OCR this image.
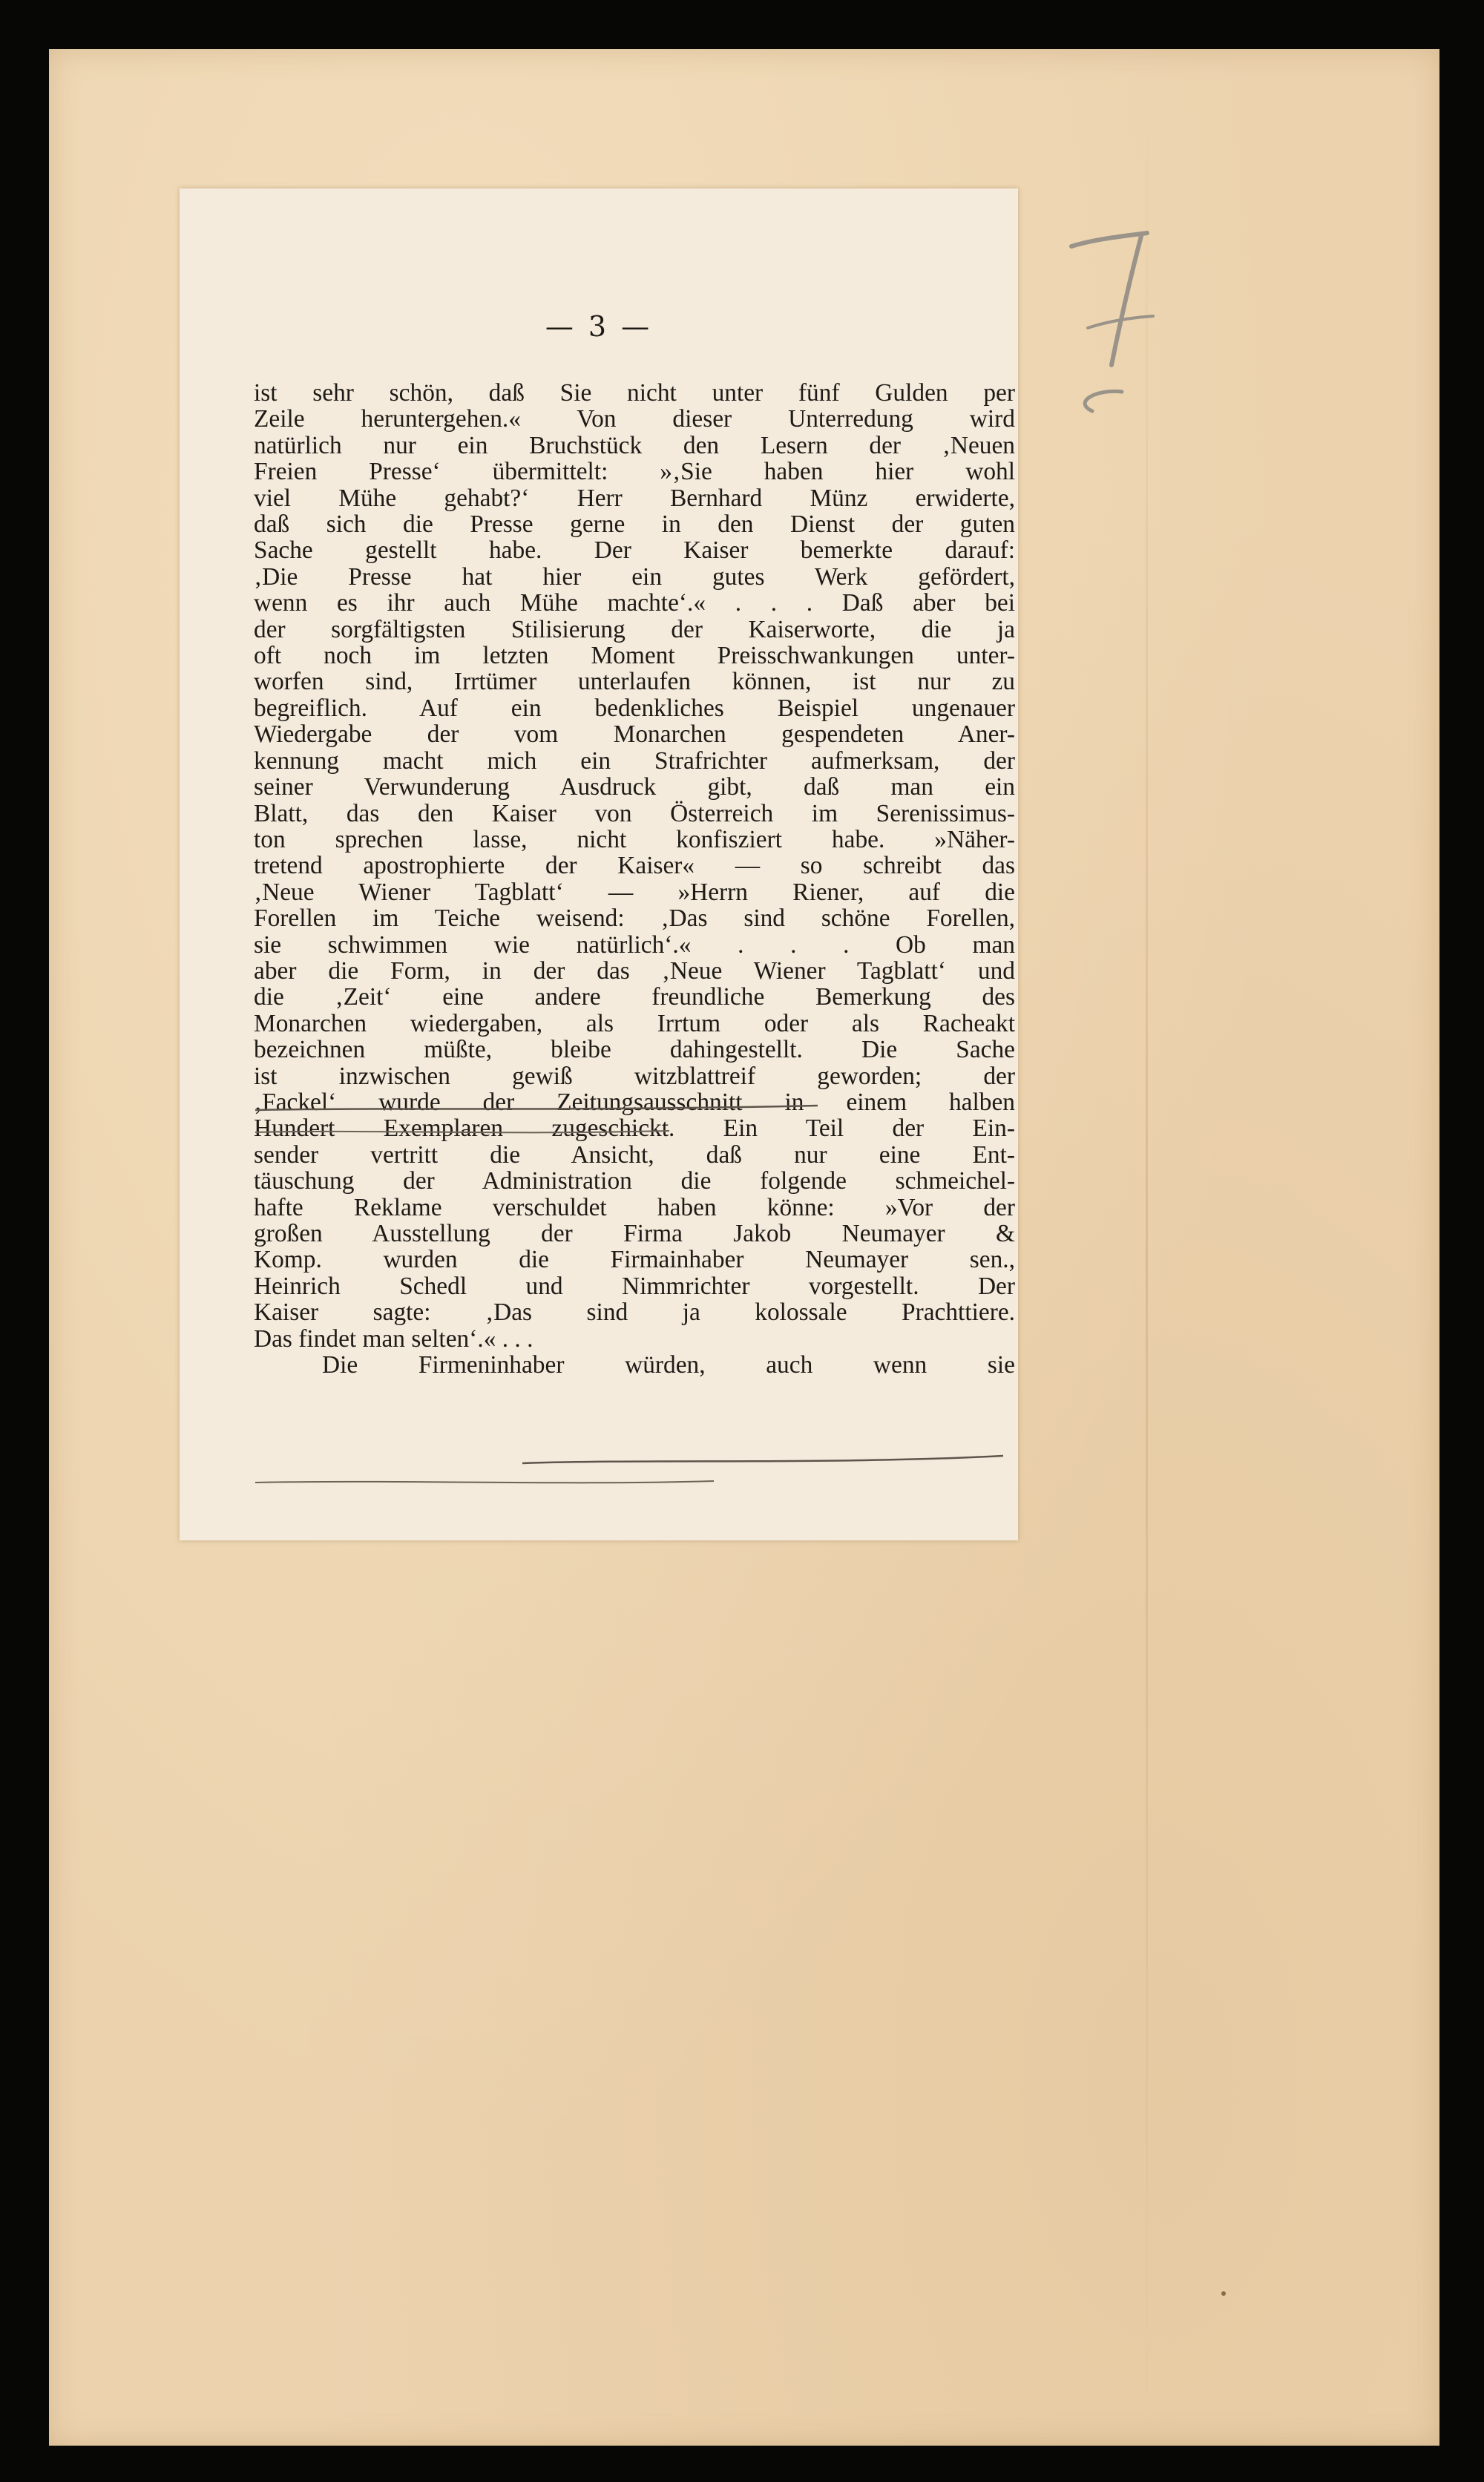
— 3 —

ist sehr schön, daß Sie nicht unter fünf Gulden per
Zeile heruntergehen.« Von dieser Unterredung wird
natürlich nur ein Bruchstück den Lesern der ‚Neuen
Freien Presse‘ übermittelt: »‚Sie haben hier wohl
viel Mühe gehabt?‘ Herr Bernhard Münz erwiderte,
daß sich die Presse gerne in den Dienst der guten
Sache gestellt habe. Der Kaiser bemerkte darauf:
‚Die Presse hat hier ein gutes Werk gefördert,
wenn es ihr auch Mühe machte‘.« . . . Daß aber bei
der sorgfältigsten Stilisierung der Kaiserworte, die ja
oft noch im letzten Moment Preisschwankungen unter-
worfen sind, Irrtümer unterlaufen können, ist nur zu
begreiflich. Auf ein bedenkliches Beispiel ungenauer
Wiedergabe der vom Monarchen gespendeten Aner-
kennung macht mich ein Strafrichter aufmerksam, der
seiner Verwunderung Ausdruck gibt, daß man ein
Blatt, das den Kaiser von Österreich im Serenissimus-
ton sprechen lasse, nicht konfisziert habe. »Näher-
tretend apostrophierte der Kaiser« — so schreibt das
‚Neue Wiener Tagblatt‘ — »Herrn Riener, auf die
Forellen im Teiche weisend: ‚Das sind schöne Forellen,
sie schwimmen wie natürlich‘.« . . . Ob man
aber die Form, in der das ‚Neue Wiener Tagblatt‘ und
die ‚Zeit‘ eine andere freundliche Bemerkung des
Monarchen wiedergaben, als Irrtum oder als Racheakt
bezeichnen müßte, bleibe dahingestellt. Die Sache
ist inzwischen gewiß witzblattreif geworden; der
‚Fackel‘ wurde der Zeitungsausschnitt in einem halben
Hundert Exemplaren zugeschickt. Ein Teil der Ein-
sender vertritt die Ansicht, daß nur eine Ent-
täuschung der Administration die folgende schmeichel-
hafte Reklame verschuldet haben könne: »Vor der
großen Ausstellung der Firma Jakob Neumayer &
Komp. wurden die Firmainhaber Neumayer sen.,
Heinrich Schedl und Nimmrichter vorgestellt. Der
Kaiser sagte: ‚Das sind ja kolossale Prachttiere.
Das findet man selten‘.« . . .
Die Firmeninhaber würden, auch wenn sie
